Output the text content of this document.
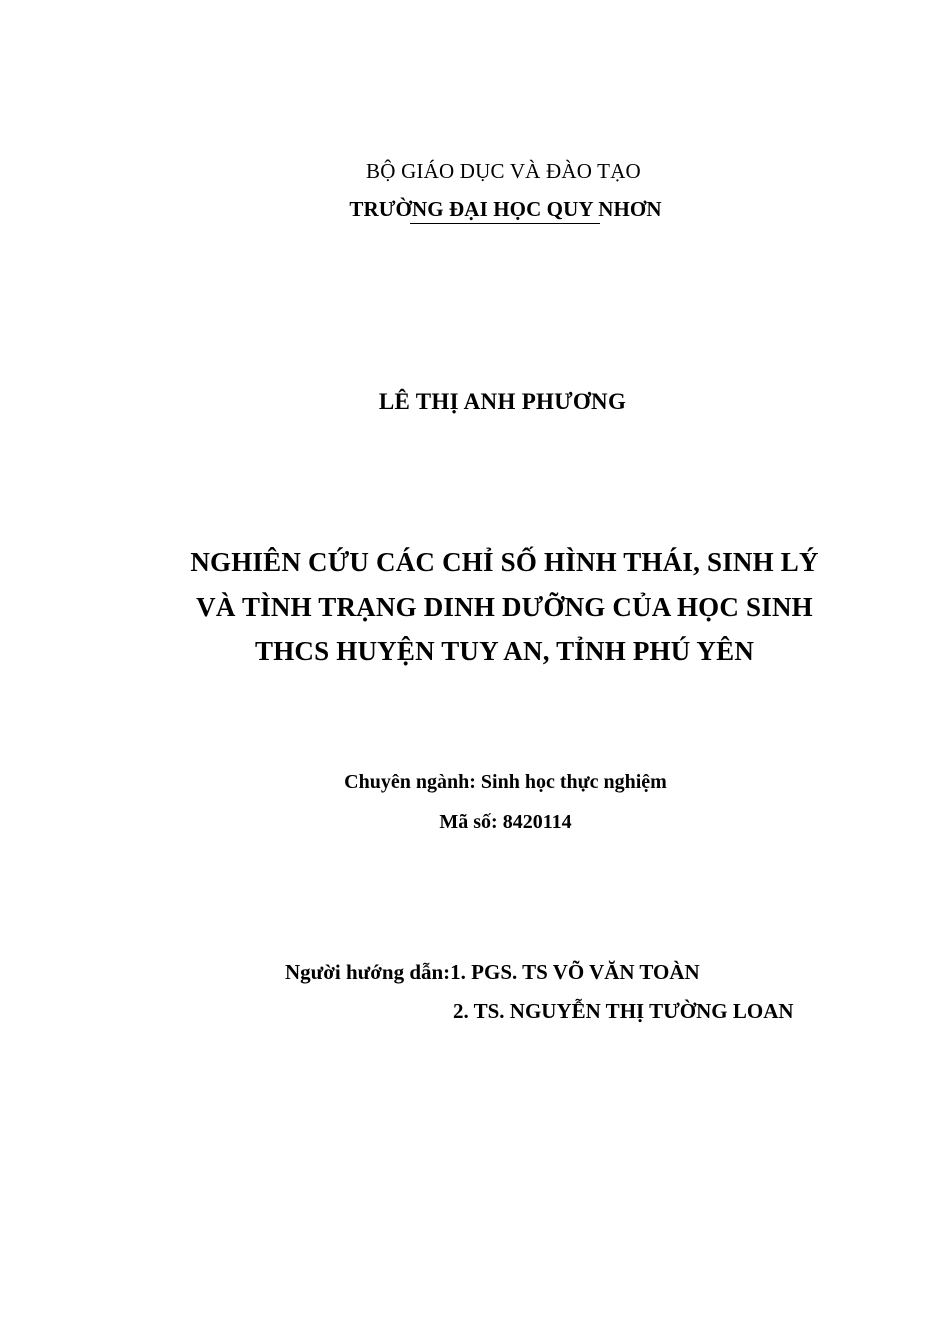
BỘ GIÁO DỤC VÀ ĐÀO TẠO
TRƯỜNG ĐẠI HỌC QUY NHƠN
LÊ THỊ ANH PHƯƠNG
NGHIÊN CỨU CÁC CHỈ SỐ HÌNH THÁI, SINH LÝ
VÀ TÌNH TRẠNG DINH DƯỠNG CỦA HỌC SINH
THCS HUYỆN TUY AN, TỈNH PHÚ YÊN
Chuyên ngành: Sinh học thực nghiệm
Mã số: 8420114
Người hướng dẫn:1. PGS. TS VÕ VĂN TOÀN
2. TS. NGUYỄN THỊ TƯỜNG LOAN
